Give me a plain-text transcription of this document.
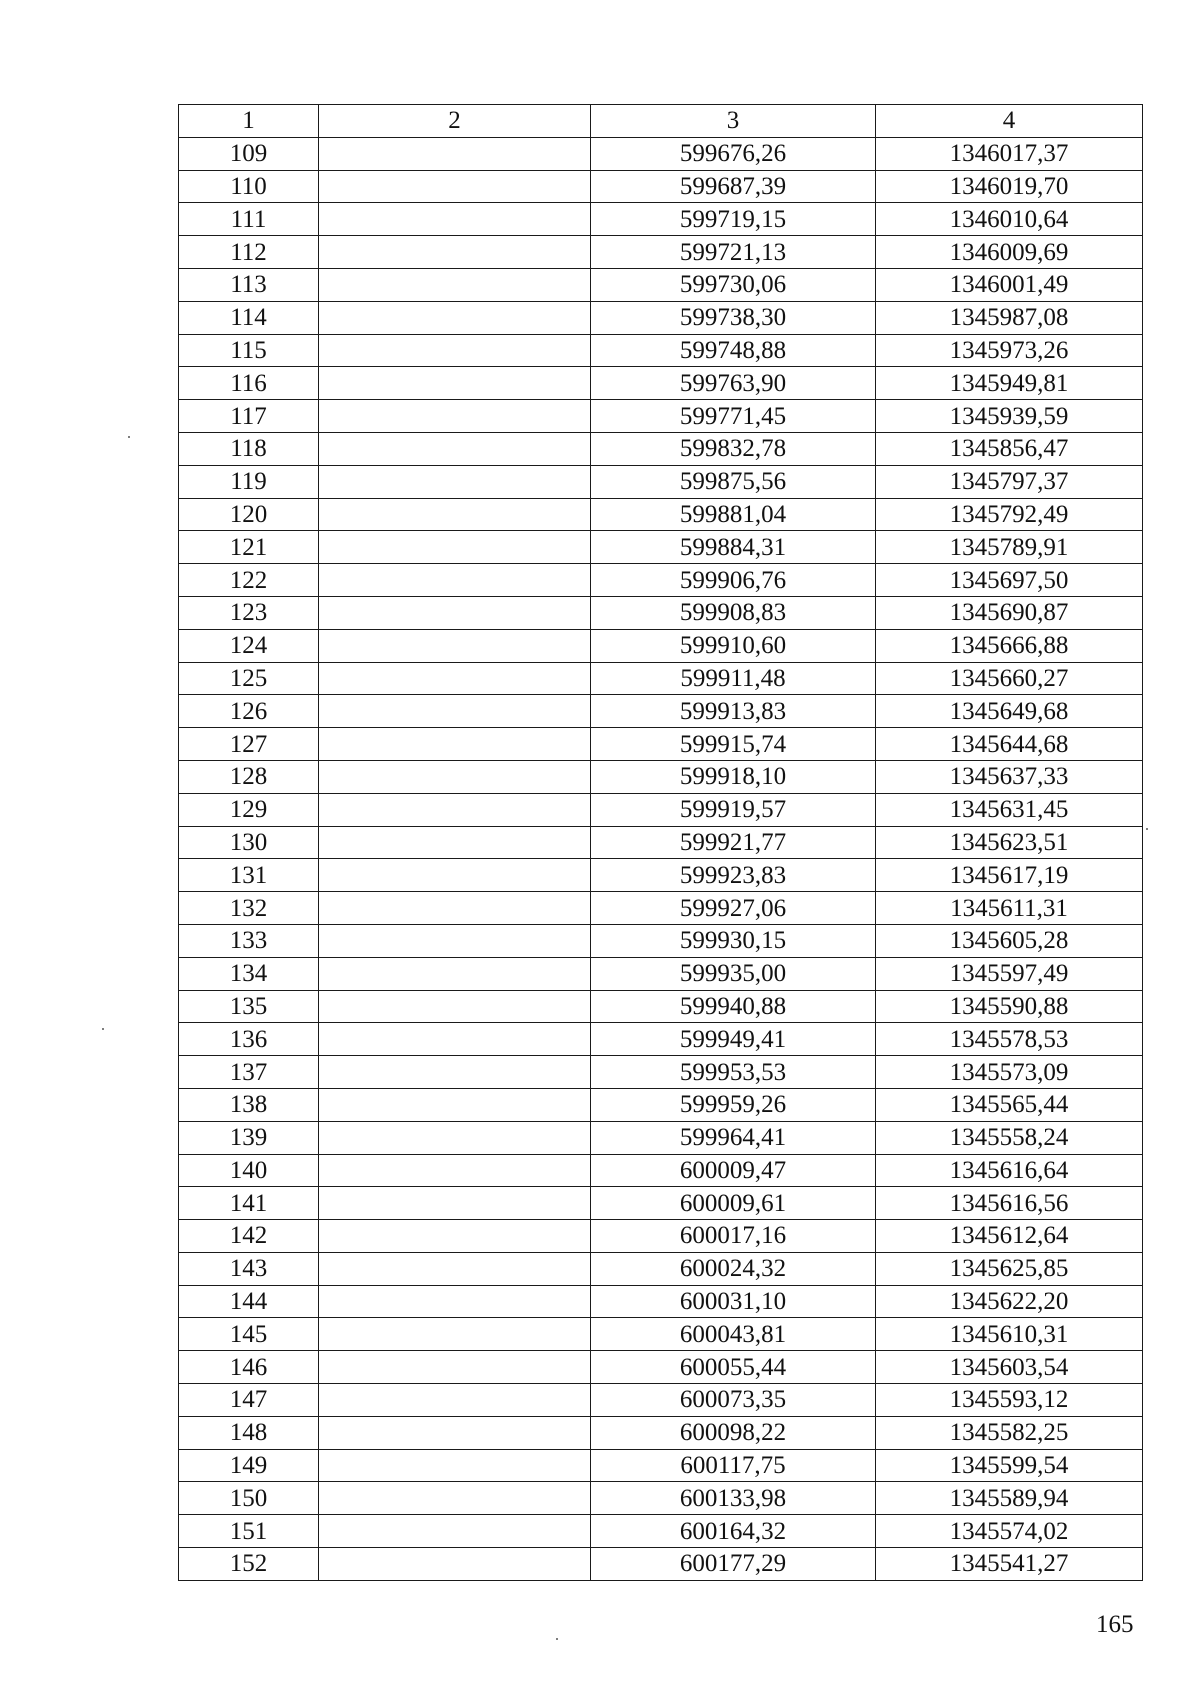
1	2	3	4
109		599676,26	1346017,37
110		599687,39	1346019,70
111		599719,15	1346010,64
112		599721,13	1346009,69
113		599730,06	1346001,49
114		599738,30	1345987,08
115		599748,88	1345973,26
116		599763,90	1345949,81
117		599771,45	1345939,59
118		599832,78	1345856,47
119		599875,56	1345797,37
120		599881,04	1345792,49
121		599884,31	1345789,91
122		599906,76	1345697,50
123		599908,83	1345690,87
124		599910,60	1345666,88
125		599911,48	1345660,27
126		599913,83	1345649,68
127		599915,74	1345644,68
128		599918,10	1345637,33
129		599919,57	1345631,45
130		599921,77	1345623,51
131		599923,83	1345617,19
132		599927,06	1345611,31
133		599930,15	1345605,28
134		599935,00	1345597,49
135		599940,88	1345590,88
136		599949,41	1345578,53
137		599953,53	1345573,09
138		599959,26	1345565,44
139		599964,41	1345558,24
140		600009,47	1345616,64
141		600009,61	1345616,56
142		600017,16	1345612,64
143		600024,32	1345625,85
144		600031,10	1345622,20
145		600043,81	1345610,31
146		600055,44	1345603,54
147		600073,35	1345593,12
148		600098,22	1345582,25
149		600117,75	1345599,54
150		600133,98	1345589,94
151		600164,32	1345574,02
152		600177,29	1345541,27
165
